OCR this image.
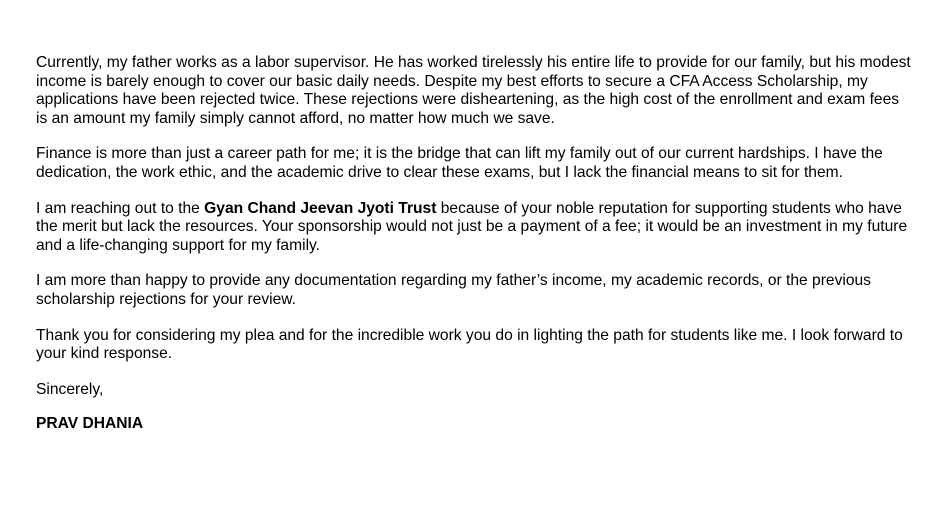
Currently, my father works as a labor supervisor. He has worked tirelessly his entire life to provide for our family, but his modest income is barely enough to cover our basic daily needs. Despite my best efforts to secure a CFA Access Scholarship, my applications have been rejected twice. These rejections were disheartening, as the high cost of the enrollment and exam fees is an amount my family simply cannot afford, no matter how much we save.

Finance is more than just a career path for me; it is the bridge that can lift my family out of our current hardships. I have the dedication, the work ethic, and the academic drive to clear these exams, but I lack the financial means to sit for them.

I am reaching out to the Gyan Chand Jeevan Jyoti Trust because of your noble reputation for supporting students who have the merit but lack the resources. Your sponsorship would not just be a payment of a fee; it would be an investment in my future and a life-changing support for my family.

I am more than happy to provide any documentation regarding my father’s income, my academic records, or the previous scholarship rejections for your review.

Thank you for considering my plea and for the incredible work you do in lighting the path for students like me. I look forward to your kind response.

Sincerely,

PRAV DHANIA
